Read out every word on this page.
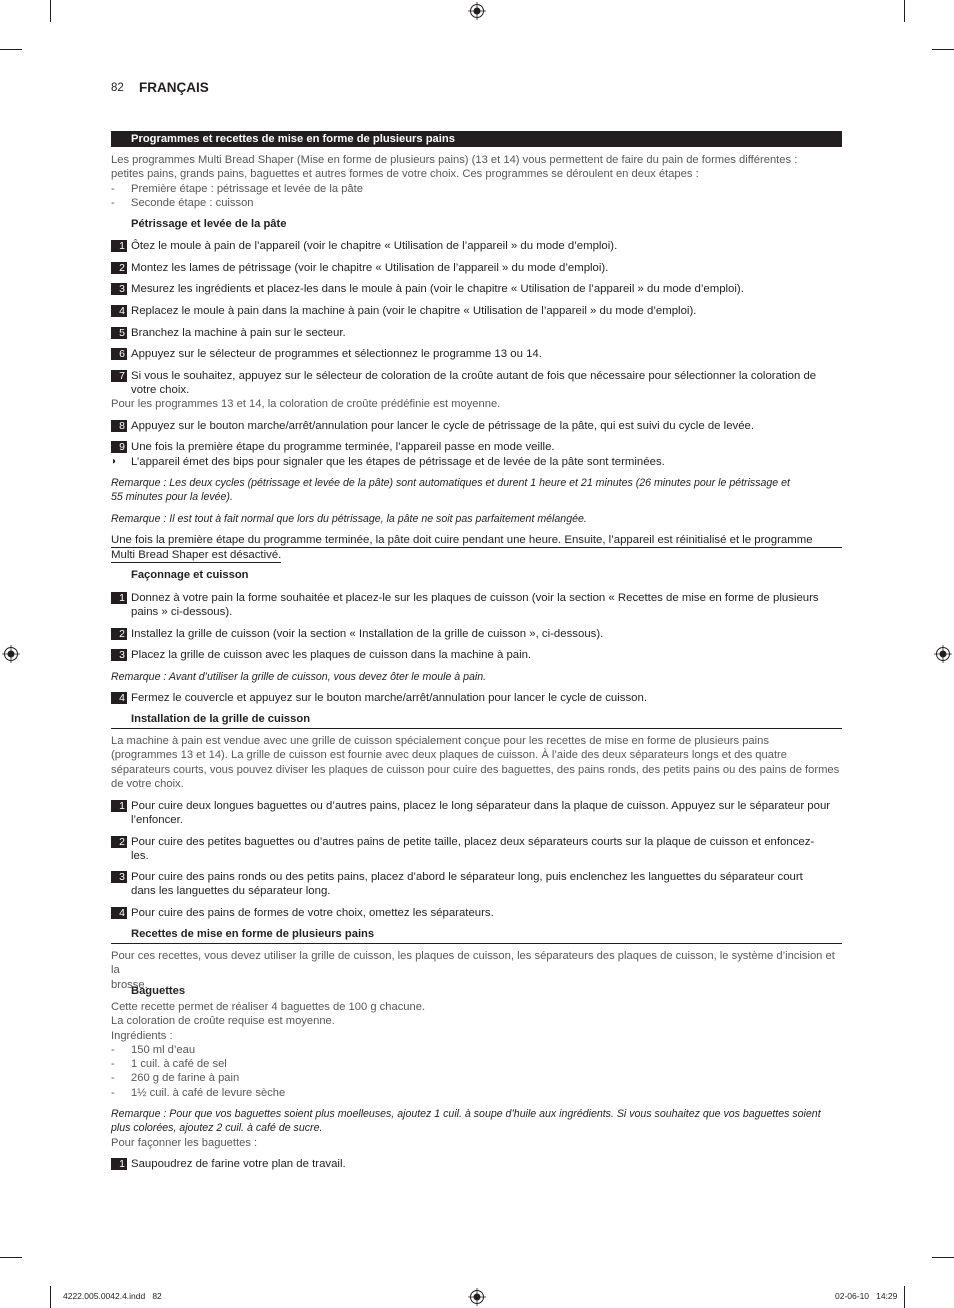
82 FRANÇAIS
Programmes et recettes de mise en forme de plusieurs pains
Les programmes Multi Bread Shaper (Mise en forme de plusieurs pains) (13 et 14) vous permettent de faire du pain de formes différentes :
petites pains, grands pains, baguettes et autres formes de votre choix. Ces programmes se déroulent en deux étapes :
- Première étape : pétrissage et levée de la pâte
- Seconde étape : cuisson
Pétrissage et levée de la pâte
1 Ôtez le moule à pain de l’appareil (voir le chapitre « Utilisation de l’appareil » du mode d’emploi).
2 Montez les lames de pétrissage (voir le chapitre « Utilisation de l’appareil » du mode d’emploi).
3 Mesurez les ingrédients et placez-les dans le moule à pain (voir le chapitre « Utilisation de l’appareil » du mode d’emploi).
4 Replacez le moule à pain dans la machine à pain (voir le chapitre « Utilisation de l’appareil » du mode d’emploi).
5 Branchez la machine à pain sur le secteur.
6 Appuyez sur le sélecteur de programmes et sélectionnez le programme 13 ou 14.
7 Si vous le souhaitez, appuyez sur le sélecteur de coloration de la croûte autant de fois que nécessaire pour sélectionner la coloration de votre choix.
Pour les programmes 13 et 14, la coloration de croûte prédéfinie est moyenne.
8 Appuyez sur le bouton marche/arrêt/annulation pour lancer le cycle de pétrissage de la pâte, qui est suivi du cycle de levée.
9 Une fois la première étape du programme terminée, l’appareil passe en mode veille.
◗ L’appareil émet des bips pour signaler que les étapes de pétrissage et de levée de la pâte sont terminées.
Remarque : Les deux cycles (pétrissage et levée de la pâte) sont automatiques et durent 1 heure et 21 minutes (26 minutes pour le pétrissage et
55 minutes pour la levée).
Remarque : Il est tout à fait normal que lors du pétrissage, la pâte ne soit pas parfaitement mélangée.
Une fois la première étape du programme terminée, la pâte doit cuire pendant une heure. Ensuite, l’appareil est réinitialisé et le programme
Multi Bread Shaper est désactivé.
Façonnage et cuisson
1 Donnez à votre pain la forme souhaitée et placez-le sur les plaques de cuisson (voir la section « Recettes de mise en forme de plusieurs
pains » ci-dessous).
2 Installez la grille de cuisson (voir la section « Installation de la grille de cuisson », ci-dessous).
3 Placez la grille de cuisson avec les plaques de cuisson dans la machine à pain.
Remarque : Avant d’utiliser la grille de cuisson, vous devez ôter le moule à pain.
4 Fermez le couvercle et appuyez sur le bouton marche/arrêt/annulation pour lancer le cycle de cuisson.
Installation de la grille de cuisson
La machine à pain est vendue avec une grille de cuisson spécialement conçue pour les recettes de mise en forme de plusieurs pains
(programmes 13 et 14). La grille de cuisson est fournie avec deux plaques de cuisson. À l’aide des deux séparateurs longs et des quatre
séparateurs courts, vous pouvez diviser les plaques de cuisson pour cuire des baguettes, des pains ronds, des petits pains ou des pains de formes
de votre choix.
1 Pour cuire deux longues baguettes ou d’autres pains, placez le long séparateur dans la plaque de cuisson. Appuyez sur le séparateur pour
l’enfoncer.
2 Pour cuire des petites baguettes ou d’autres pains de petite taille, placez deux séparateurs courts sur la plaque de cuisson et enfoncez-
les.
3 Pour cuire des pains ronds ou des petits pains, placez d’abord le séparateur long, puis enclenchez les languettes du séparateur court
dans les languettes du séparateur long.
4 Pour cuire des pains de formes de votre choix, omettez les séparateurs.
Recettes de mise en forme de plusieurs pains
Pour ces recettes, vous devez utiliser la grille de cuisson, les plaques de cuisson, les séparateurs des plaques de cuisson, le système d’incision et la
brosse.
Baguettes
Cette recette permet de réaliser 4 baguettes de 100 g chacune.
La coloration de croûte requise est moyenne.
Ingrédients :
- 150 ml d’eau
- 1 cuil. à café de sel
- 260 g de farine à pain
- 1½ cuil. à café de levure sèche
Remarque : Pour que vos baguettes soient plus moelleuses, ajoutez 1 cuil. à soupe d’huile aux ingrédients. Si vous souhaitez que vos baguettes soient
plus colorées, ajoutez 2 cuil. à café de sucre.
Pour façonner les baguettes :
1 Saupoudrez de farine votre plan de travail.
4222.005.0042.4.indd   82	02-06-10   14:29
